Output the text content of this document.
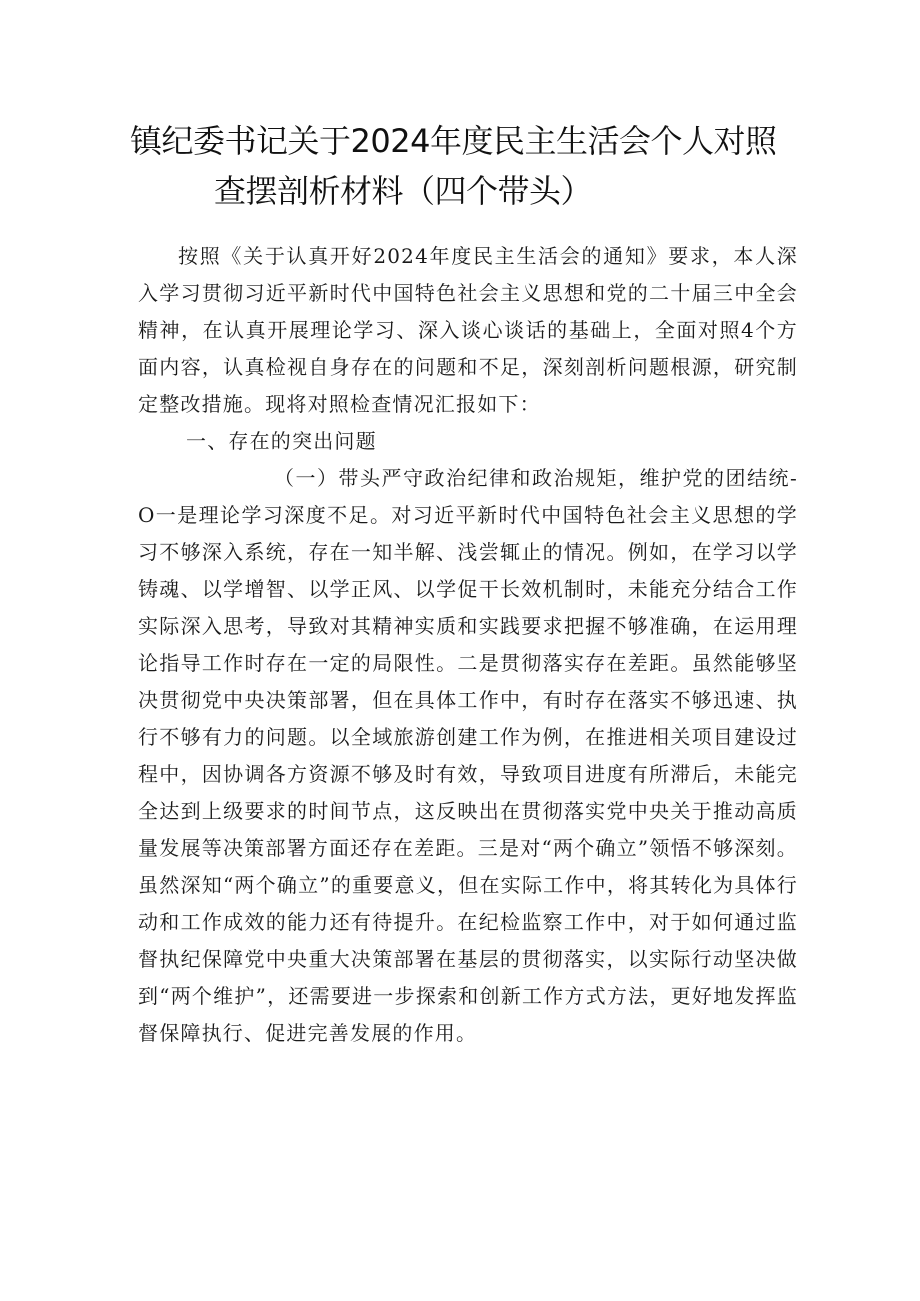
镇纪委书记关于2024年度民主生活会个人对照
查摆剖析材料（四个带头）

按照《关于认真开好2024年度民主生活会的通知》要求，本人深入学习贯彻习近平新时代中国特色社会主义思想和党的二十届三中全会精神，在认真开展理论学习、深入谈心谈话的基础上，全面对照4个方面内容，认真检视自身存在的问题和不足，深刻剖析问题根源，研究制定整改措施。现将对照检查情况汇报如下：

一、存在的突出问题

（一）带头严守政治纪律和政治规矩，维护党的团结统-O一是理论学习深度不足。对习近平新时代中国特色社会主义思想的学习不够深入系统，存在一知半解、浅尝辄止的情况。例如，在学习以学铸魂、以学增智、以学正风、以学促干长效机制时，未能充分结合工作实际深入思考，导致对其精神实质和实践要求把握不够准确，在运用理论指导工作时存在一定的局限性。二是贯彻落实存在差距。虽然能够坚决贯彻党中央决策部署，但在具体工作中，有时存在落实不够迅速、执行不够有力的问题。以全域旅游创建工作为例，在推进相关项目建设过程中，因协调各方资源不够及时有效，导致项目进度有所滞后，未能完全达到上级要求的时间节点，这反映出在贯彻落实党中央关于推动高质量发展等决策部署方面还存在差距。三是对“两个确立”领悟不够深刻。虽然深知“两个确立”的重要意义，但在实际工作中，将其转化为具体行动和工作成效的能力还有待提升。在纪检监察工作中，对于如何通过监督执纪保障党中央重大决策部署在基层的贯彻落实，以实际行动坚决做到“两个维护”，还需要进一步探索和创新工作方式方法，更好地发挥监督保障执行、促进完善发展的作用。
